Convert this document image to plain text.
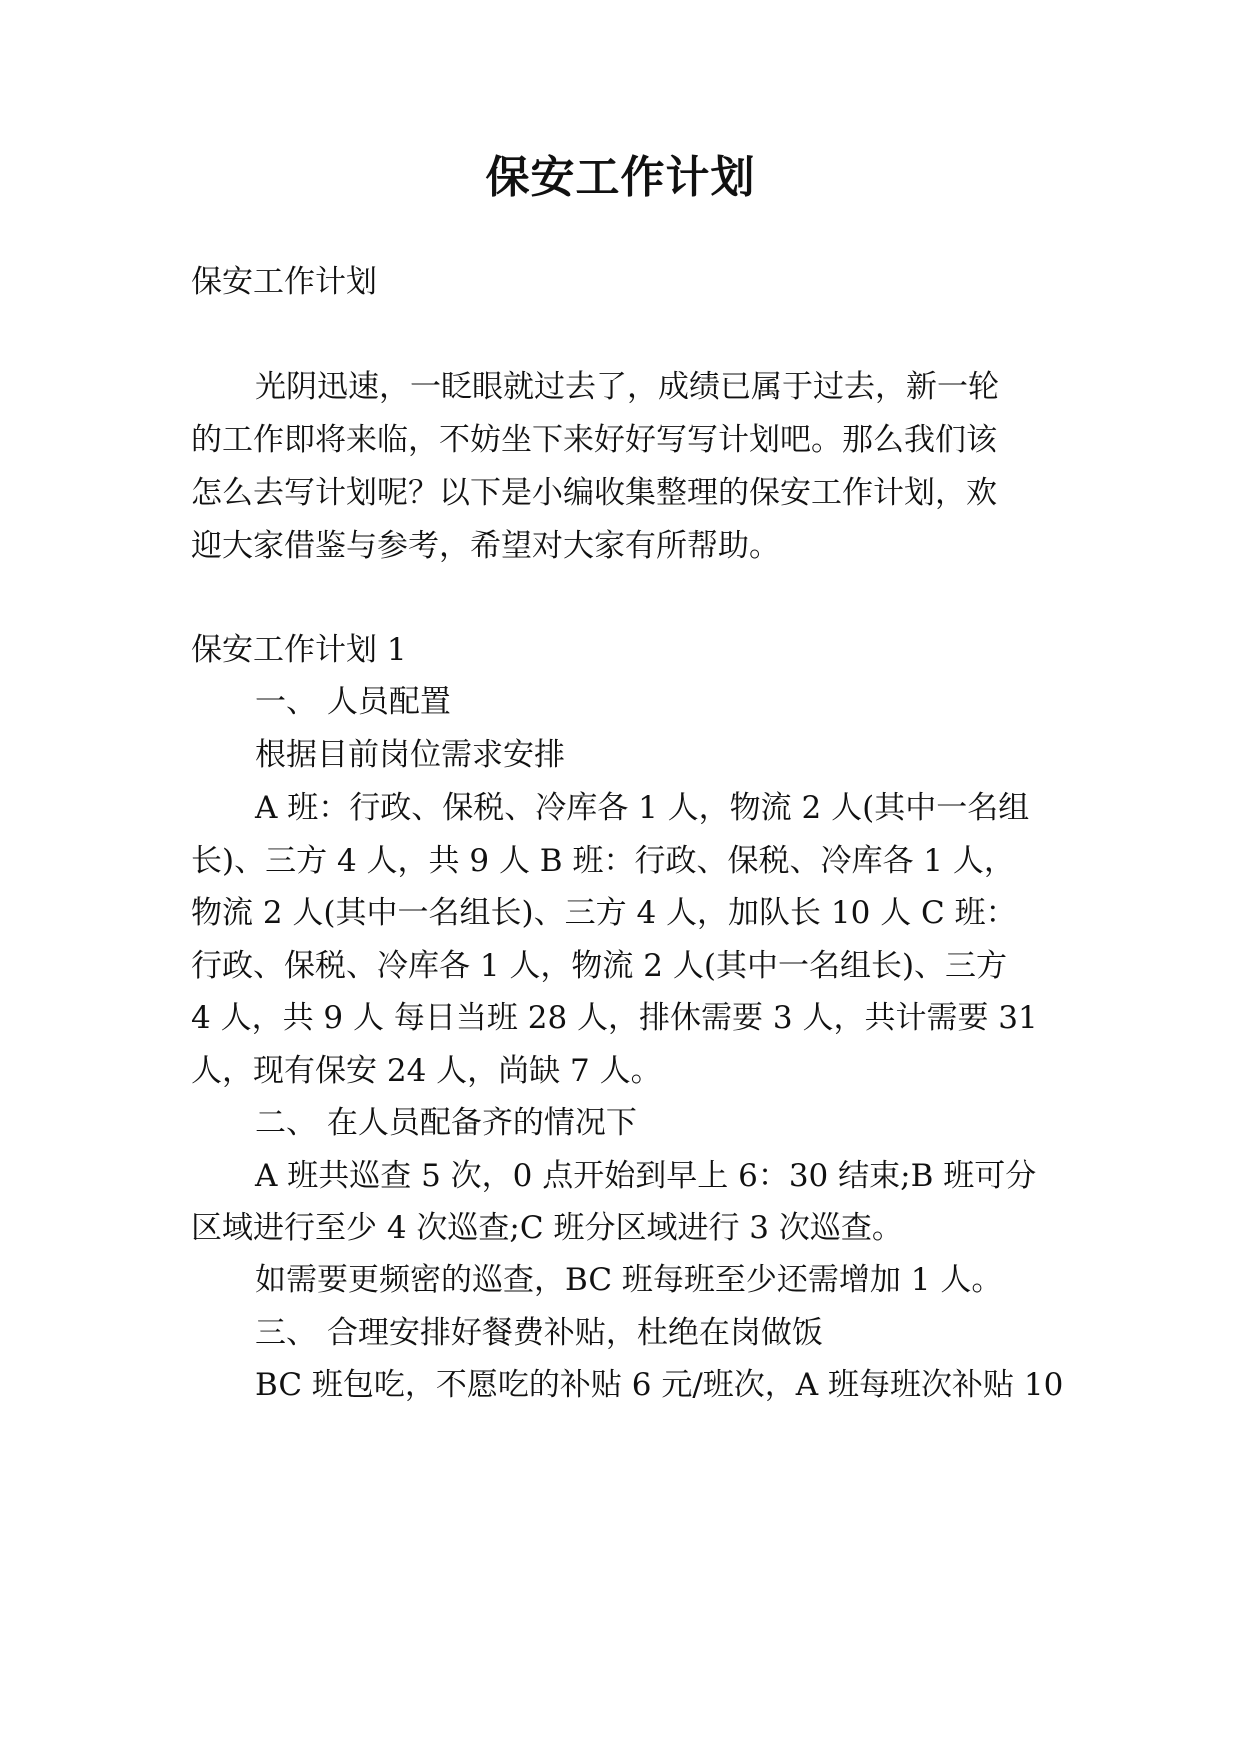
保安工作计划
保安工作计划
光阴迅速，一眨眼就过去了，成绩已属于过去，新一轮
的工作即将来临，不妨坐下来好好写写计划吧。那么我们该
怎么去写计划呢？以下是小编收集整理的保安工作计划，欢
迎大家借鉴与参考，希望对大家有所帮助。
保安工作计划 1
一、 人员配置
根据目前岗位需求安排
A 班：行政、保税、冷库各 1 人，物流 2 人(其中一名组
长)、三方 4 人，共 9 人 B 班：行政、保税、冷库各 1 人，
物流 2 人(其中一名组长)、三方 4 人，加队长 10 人 C 班：
行政、保税、冷库各 1 人，物流 2 人(其中一名组长)、三方
4 人，共 9 人 每日当班 28 人，排休需要 3 人，共计需要 31
人，现有保安 24 人，尚缺 7 人。
二、 在人员配备齐的情况下
A 班共巡查 5 次，0 点开始到早上 6：30 结束;B 班可分
区域进行至少 4 次巡查;C 班分区域进行 3 次巡查。
如需要更频密的巡查，BC 班每班至少还需增加 1 人。
三、 合理安排好餐费补贴，杜绝在岗做饭
BC 班包吃，不愿吃的补贴 6 元/班次，A 班每班次补贴 10
